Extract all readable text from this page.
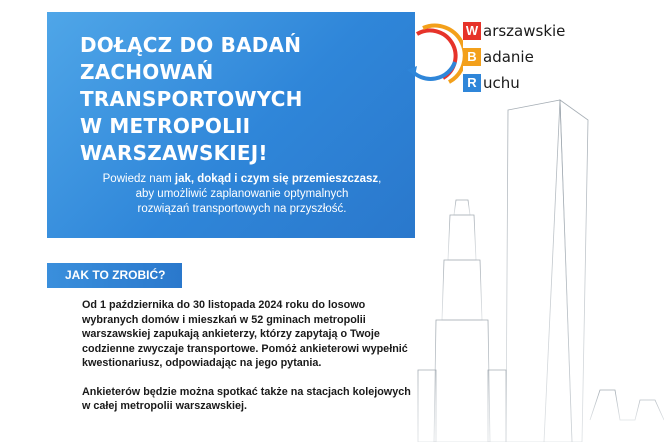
DOŁĄCZ DO BADAŃ
ZACHOWAŃ
TRANSPORTOWYCH
W METROPOLII
WARSZAWSKIEJ!
Powiedz nam jak, dokąd i czym się przemieszczasz,
aby umożliwić zaplanowanie optymalnych
rozwiązań transportowych na przyszłość.
W arszawskie
B adanie
R uchu
JAK TO ZROBIĆ?

Od 1 października do 30 listopada 2024 roku do losowo wybranych domów i mieszkań w 52 gminach metropolii warszawskiej zapukają ankieterzy, którzy zapytają o Twoje codzienne zwyczaje transportowe. Pomóż ankieterowi wypełnić kwestionariusz, odpowiadając na jego pytania.

Ankieterów będzie można spotkać także na stacjach kolejowych w całej metropolii warszawskiej.
